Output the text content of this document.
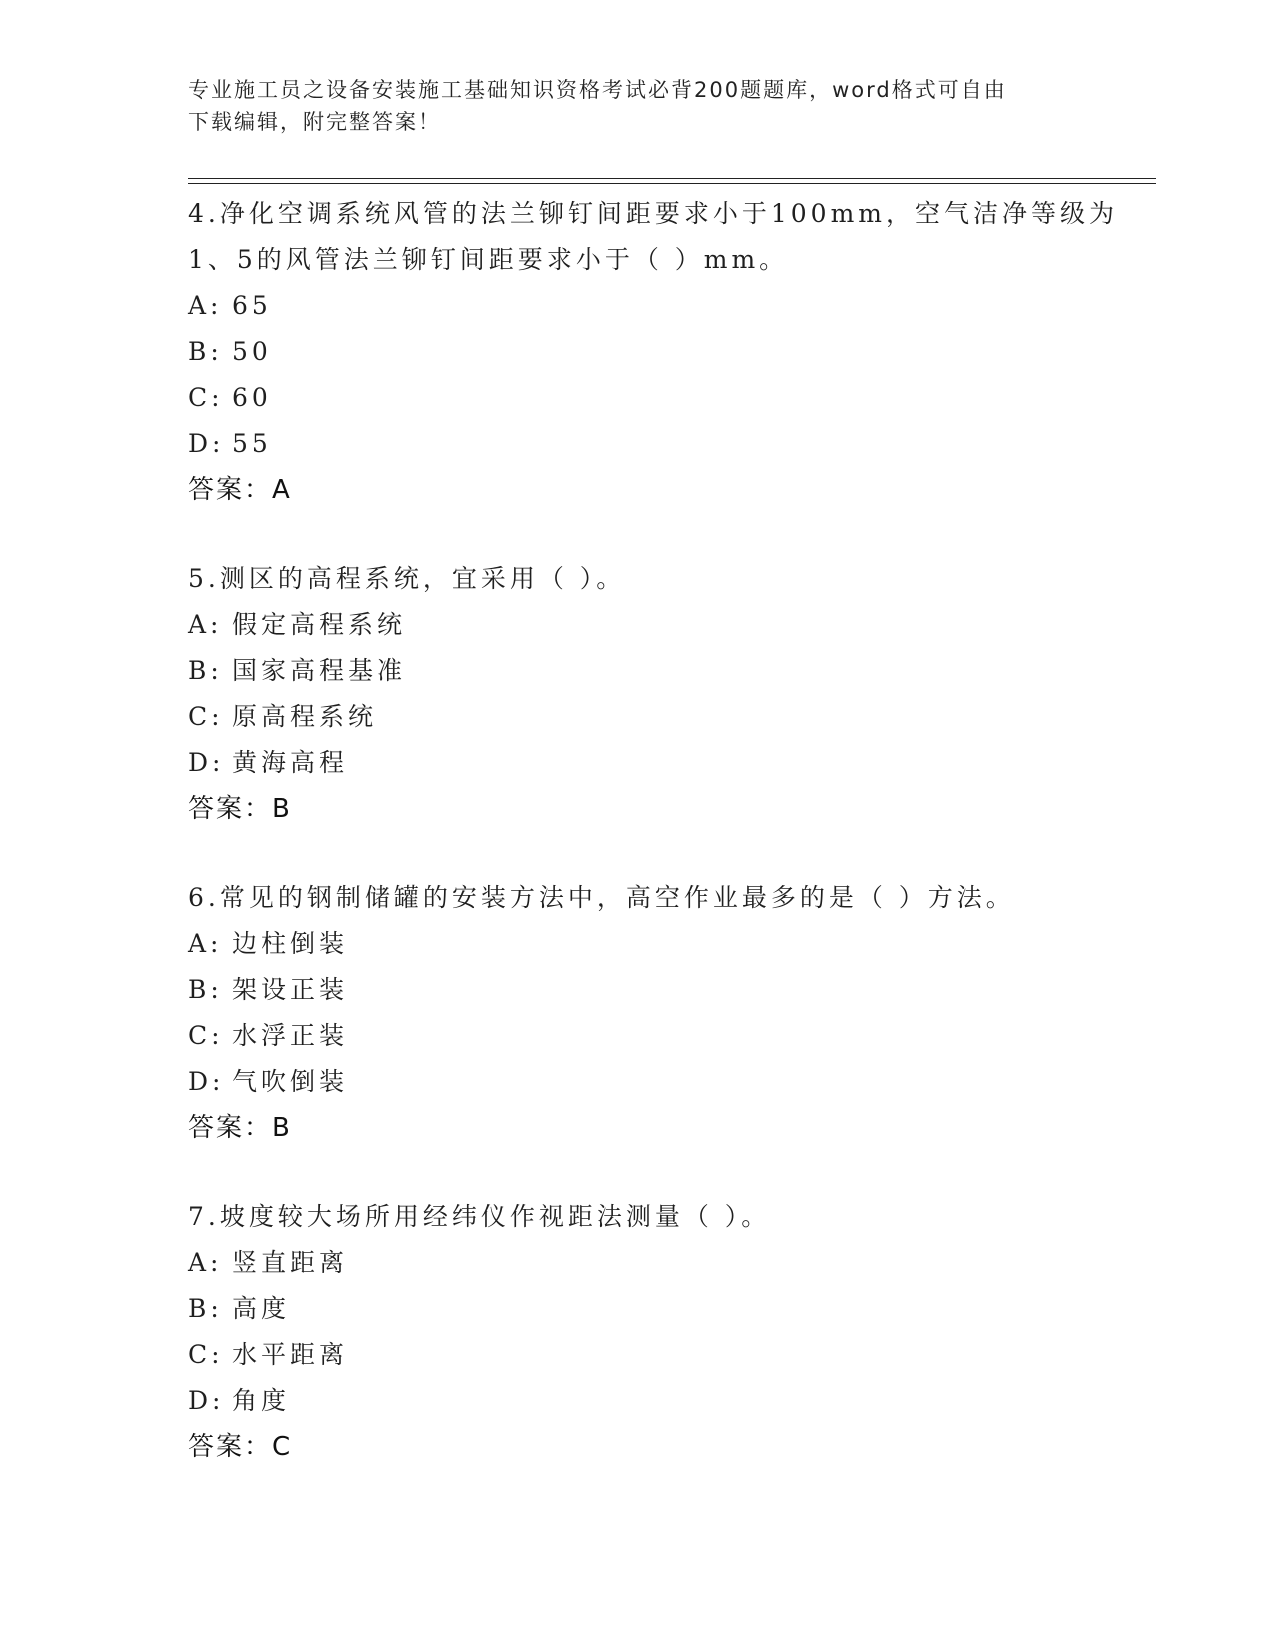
专业施工员之设备安装施工基础知识资格考试必背200题题库，word格式可自由
下载编辑，附完整答案！
4.净化空调系统风管的法兰铆钉间距要求小于100mm，空气洁净等级为
1、5的风管法兰铆钉间距要求小于（ ）mm。
A: 65
B: 50
C: 60
D: 55
答案：A
5.测区的高程系统，宜采用（ ）。
A: 假定高程系统
B: 国家高程基准
C: 原高程系统
D: 黄海高程
答案：B
6.常见的钢制储罐的安装方法中，高空作业最多的是（ ）方法。
A: 边柱倒装
B: 架设正装
C: 水浮正装
D: 气吹倒装
答案：B
7.坡度较大场所用经纬仪作视距法测量（ ）。
A: 竖直距离
B: 高度
C: 水平距离
D: 角度
答案：C
